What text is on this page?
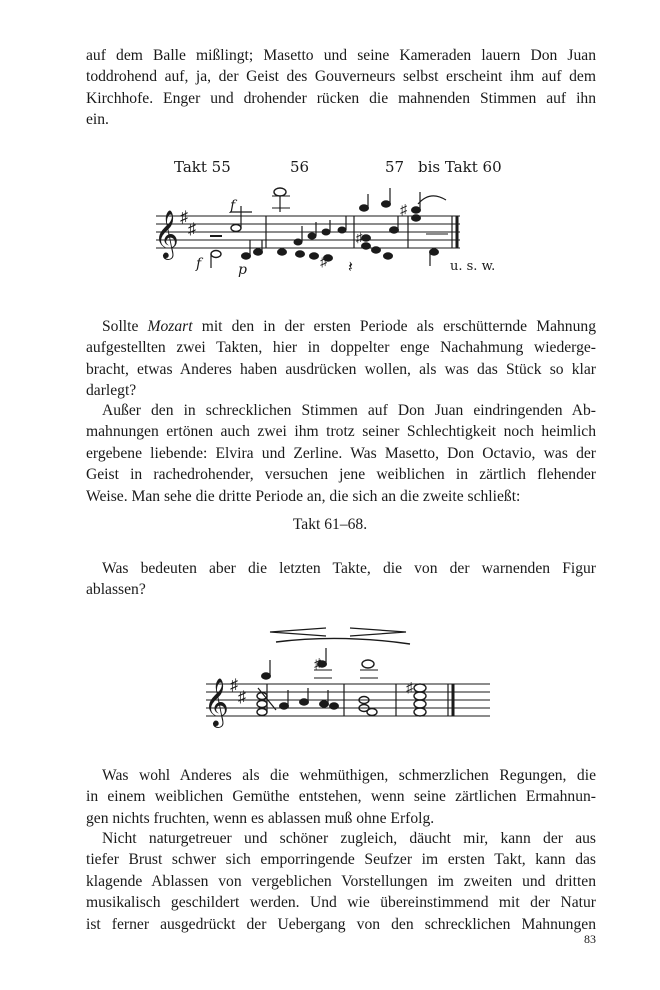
auf dem Balle mißlingt; Masetto und seine Kameraden lauern Don Juan
toddrohend auf, ja, der Geist des Gouverneurs selbst erscheint ihm auf dem
Kirchhofe. Enger und drohender rücken die mahnenden Stimmen auf ihn
ein.
Takt 55	56	57 bis Takt 60
𝄞 ♯
♯
f
f	p	♯ 𝄽
♯
♯
u. s. w.
Sollte Mozart mit den in der ersten Periode als erschütternde Mahnung
aufgestellten zwei Takten, hier in doppelter enge Nachahmung wiederge-
bracht, etwas Anderes haben ausdrücken wollen, als was das Stück so klar
darlegt?
Außer den in schrecklichen Stimmen auf Don Juan eindringenden Ab-
mahnungen ertönen auch zwei ihm trotz seiner Schlechtigkeit noch heimlich
ergebene liebende: Elvira und Zerline. Was Masetto, Don Octavio, was der
Geist in rachedrohender, versuchen jene weiblichen in zärtlich flehender
Weise. Man sehe die dritte Periode an, die sich an die zweite schließt:
Takt 61–68.
Was bedeuten aber die letzten Takte, die von der warnenden Figur
ablassen?
𝄞 ♯
♯
♯
♯
Was wohl Anderes als die wehmüthigen, schmerzlichen Regungen, die
in einem weiblichen Gemüthe entstehen, wenn seine zärtlichen Ermahnun-
gen nichts fruchten, wenn es ablassen muß ohne Erfolg.
Nicht naturgetreuer und schöner zugleich, däucht mir, kann der aus
tiefer Brust schwer sich emporringende Seufzer im ersten Takt, kann das
klagende Ablassen von vergeblichen Vorstellungen im zweiten und dritten
musikalisch geschildert werden. Und wie übereinstimmend mit der Natur
ist ferner ausgedrückt der Uebergang von den schrecklichen Mahnungen
83
